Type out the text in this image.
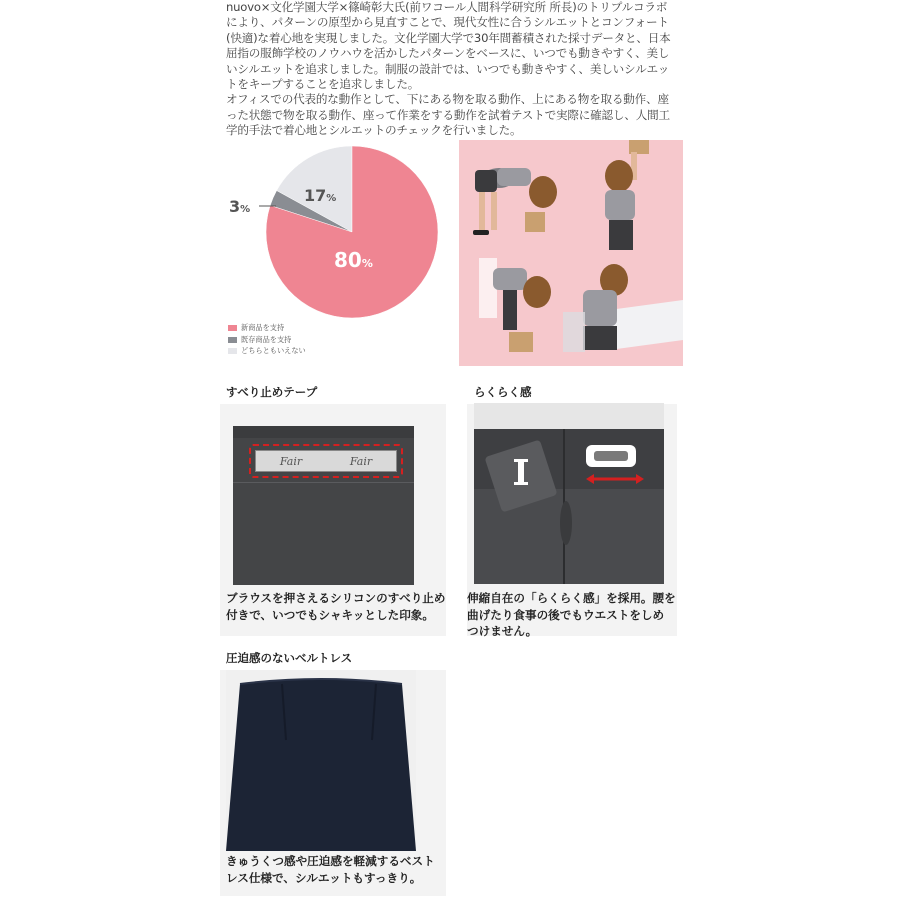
nuovo×文化学園大学×篠崎彰大氏(前ワコール人間科学研究所 所長)のトリプルコラボにより、パターンの原型から見直すことで、現代女性に合うシルエットとコンフォート(快適)な着心地を実現しました。文化学園大学で30年間蓄積された採寸データと、日本屈指の服飾学校のノウハウを活かしたパターンをベースに、いつでも動きやすく、美しいシルエットを追求しました。制服の設計では、いつでも動きやすく、美しいシルエットをキープすることを追求しました。

オフィスでの代表的な動作として、下にある物を取る動作、上にある物を取る動作、座った状態で物を取る動作、座って作業をする動作を試着テストで実際に確認し、人間工学的手法で着心地とシルエットのチェックを行いました。

17%
3%
80%
新商品を支持
既存商品を支持
どちらともいえない
すべり止めテープ
Fair	Fair
ブラウスを押さえるシリコンのすべり止め
付きで、いつでもシャキッとした印象。
らくらく感
伸縮自在の「らくらく感」を採用。腰を
曲げたり食事の後でもウエストをしめ
つけません。
圧迫感のないベルトレス
きゅうくつ感や圧迫感を軽減するベスト
レス仕様で、シルエットもすっきり。
